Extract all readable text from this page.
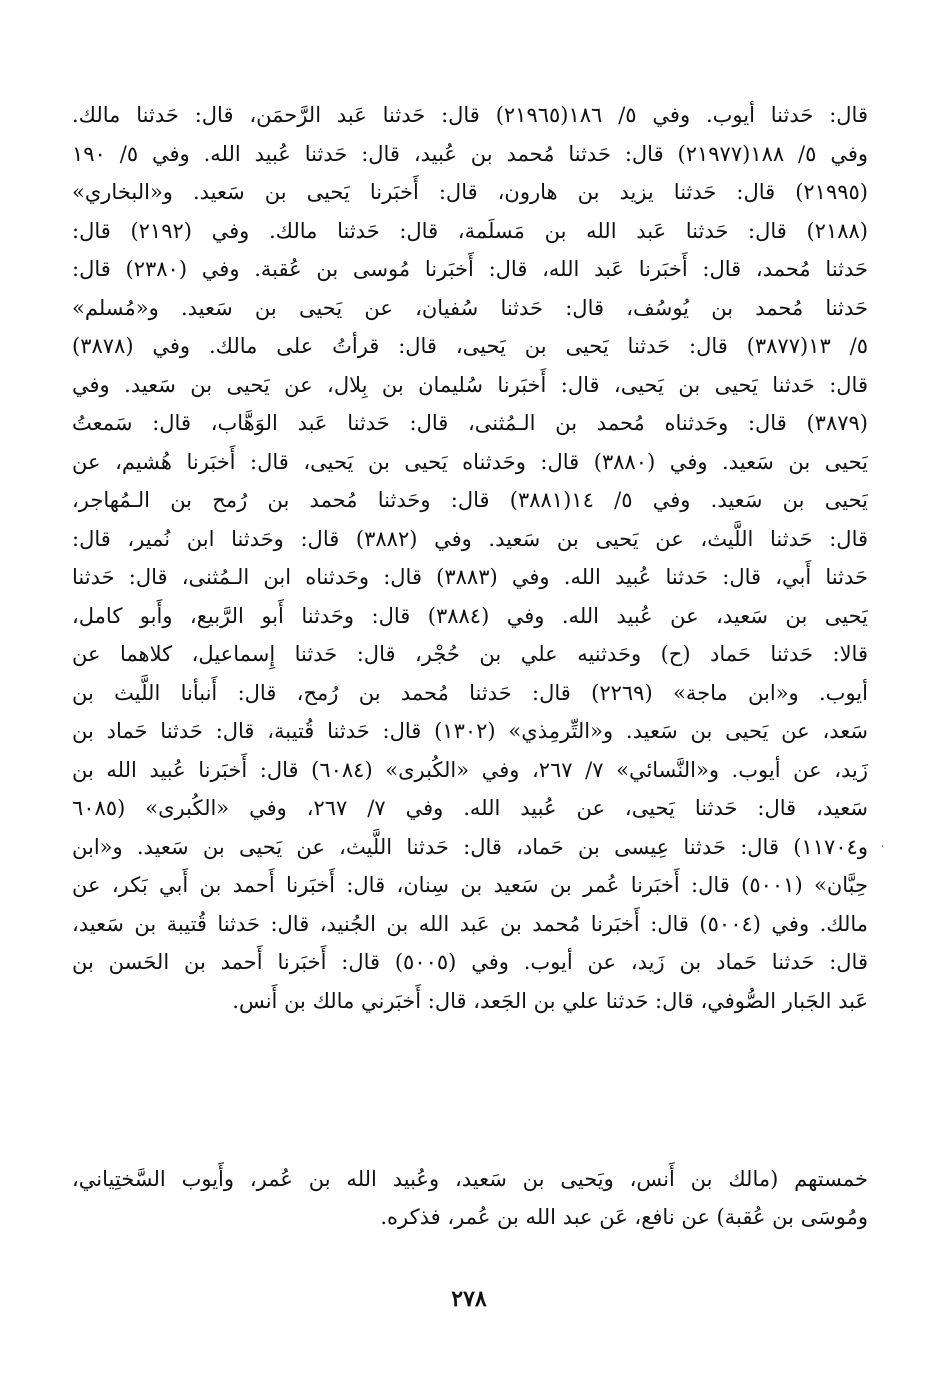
قال: حَدثنا أيوب. وفي ٥/ ١٨٦(٢١٩٦٥) قال: حَدثنا عَبد الرَّحمَن، قال: حَدثنا مالك.
وفي ٥/ ١٨٨(٢١٩٧٧) قال: حَدثنا مُحمد بن عُبيد، قال: حَدثنا عُبيد الله. وفي ٥/ ١٩٠
(٢١٩٩٥) قال: حَدثنا يزيد بن هارون، قال: أَخبَرنا يَحيى بن سَعيد. و«البخاري»
(٢١٨٨) قال: حَدثنا عَبد الله بن مَسلَمة، قال: حَدثنا مالك. وفي (٢١٩٢) قال:
حَدثنا مُحمد، قال: أَخبَرنا عَبد الله، قال: أَخبَرنا مُوسى بن عُقبة. وفي (٢٣٨٠) قال:
حَدثنا مُحمد بن يُوسُف، قال: حَدثنا سُفيان، عن يَحيى بن سَعيد. و«مُسلم»
٥/ ١٣(٣٨٧٧) قال: حَدثنا يَحيى بن يَحيى، قال: قرأتُ على مالك. وفي (٣٨٧٨)
قال: حَدثنا يَحيى بن يَحيى، قال: أَخبَرنا سُليمان بن بِلال، عن يَحيى بن سَعيد. وفي
(٣٨٧٩) قال: وحَدثناه مُحمد بن الـمُثنى، قال: حَدثنا عَبد الوَهَّاب، قال: سَمعتُ
يَحيى بن سَعيد. وفي (٣٨٨٠) قال: وحَدثناه يَحيى بن يَحيى، قال: أَخبَرنا هُشيم، عن
يَحيى بن سَعيد. وفي ٥/ ١٤(٣٨٨١) قال: وحَدثنا مُحمد بن رُمح بن الـمُهاجر،
قال: حَدثنا اللَّيث، عن يَحيى بن سَعيد. وفي (٣٨٨٢) قال: وحَدثنا ابن نُمير، قال:
حَدثنا أَبي، قال: حَدثنا عُبيد الله. وفي (٣٨٨٣) قال: وحَدثناه ابن الـمُثنى، قال: حَدثنا
يَحيى بن سَعيد، عن عُبيد الله. وفي (٣٨٨٤) قال: وحَدثنا أَبو الرَّبيع، وأَبو كامل،
قالا: حَدثنا حَماد (ح) وحَدثنيه علي بن حُجْر، قال: حَدثنا إِسماعيل، كلاهما عن
أيوب. و«ابن ماجة» (٢٢٦٩) قال: حَدثنا مُحمد بن رُمح، قال: أَنبأنا اللَّيث بن
سَعد، عن يَحيى بن سَعيد. و«التِّرمِذي» (١٣٠٢) قال: حَدثنا قُتيبة، قال: حَدثنا حَماد بن
زَيد، عن أيوب. و«النَّسائي» ٧/ ٢٦٧، وفي «الكُبرى» (٦٠٨٤) قال: أَخبَرنا عُبيد الله بن
سَعيد، قال: حَدثنا يَحيى، عن عُبيد الله. وفي ٧/ ٢٦٧، وفي «الكُبرى» (٦٠٨٥
و١١٧٠٤) قال: حَدثنا عِيسى بن حَماد، قال: حَدثنا اللَّيث، عن يَحيى بن سَعيد. و«ابن
حِبَّان» (٥٠٠١) قال: أَخبَرنا عُمر بن سَعيد بن سِنان، قال: أَخبَرنا أَحمد بن أَبي بَكر، عن
مالك. وفي (٥٠٠٤) قال: أَخبَرنا مُحمد بن عَبد الله بن الجُنيد، قال: حَدثنا قُتيبة بن سَعيد،
قال: حَدثنا حَماد بن زَيد، عن أيوب. وفي (٥٠٠٥) قال: أَخبَرنا أَحمد بن الحَسن بن
عَبد الجَبار الصُّوفي، قال: حَدثنا علي بن الجَعد، قال: أَخبَرني مالك بن أَنس.
خمستهم (مالك بن أَنس، ويَحيى بن سَعيد، وعُبيد الله بن عُمر، وأَيوب السَّختِياني،
ومُوسَى بن عُقبة) عن نافع، عَن عبد الله بن عُمر، فذكره.
٢٧٨
·
